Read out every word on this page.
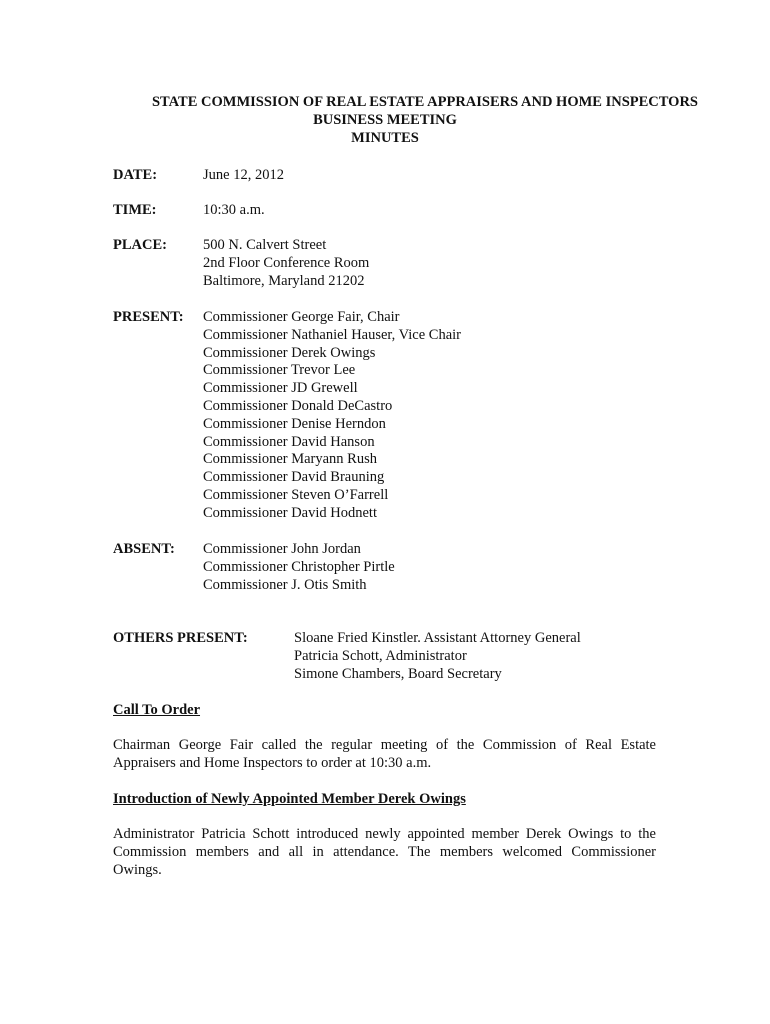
STATE COMMISSION OF REAL ESTATE APPRAISERS AND HOME INSPECTORS
BUSINESS MEETING
MINUTES
DATE:	June 12, 2012
TIME:	10:30 a.m.
PLACE: 500 N. Calvert Street
2nd Floor Conference Room
Baltimore, Maryland 21202
PRESENT: Commissioner George Fair, Chair
Commissioner Nathaniel Hauser, Vice Chair
Commissioner Derek Owings
Commissioner Trevor Lee
Commissioner JD Grewell
Commissioner Donald DeCastro
Commissioner Denise Herndon
Commissioner David Hanson
Commissioner Maryann Rush
Commissioner David Brauning
Commissioner Steven O’Farrell
Commissioner David Hodnett
ABSENT: Commissioner John Jordan
Commissioner Christopher Pirtle
Commissioner J. Otis Smith
OTHERS PRESENT:	Sloane Fried Kinstler. Assistant Attorney General
Patricia Schott, Administrator
Simone Chambers, Board Secretary
Call To Order
Chairman George Fair called the regular meeting of the Commission of Real Estate Appraisers and Home Inspectors to order at 10:30 a.m.
Introduction of Newly Appointed Member Derek Owings
Administrator Patricia Schott introduced newly appointed member Derek Owings to the Commission members and all in attendance. The members welcomed Commissioner Owings.
